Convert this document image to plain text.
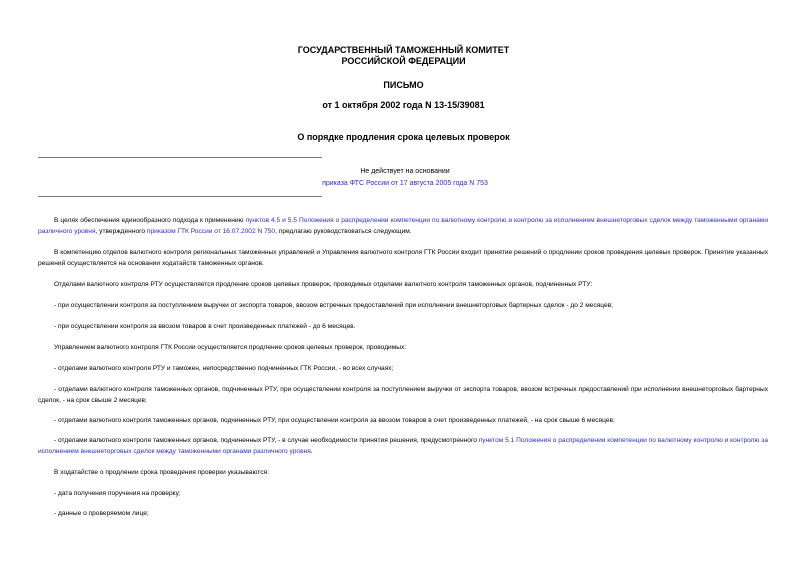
ГОСУДАРСТВЕННЫЙ ТАМОЖЕННЫЙ КОМИТЕТ
РОССИЙСКОЙ ФЕДЕРАЦИИ
ПИСЬМО
от 1 октября 2002 года N 13-15/39081
О порядке продления срока целевых проверок
Не действует на основании
приказа ФТС России от 17 августа 2005 года N 753
В целях обеспечения единообразного подхода к применению пунктов 4.5 и 5.5 Положения о распределении компетенции по валютному контролю и контролю за исполнением внешнеторговых сделок между таможенными органами различного уровня, утвержденного приказом ГТК России от 16.07.2002 N 750, предлагаю руководствоваться следующим.
В компетенцию отделов валютного контроля региональных таможенных управлений и Управления валютного контроля ГТК России входит принятие решений о продлении сроков проведения целевых проверок. Принятие указанных решений осуществляется на основании ходатайств таможенных органов.
Отделами валютного контроля РТУ осуществляется продление сроков целевых проверок, проводимых отделами валютного контроля таможенных органов, подчиненных РТУ:
- при осуществлении контроля за поступлением выручки от экспорта товаров, ввозом встречных предоставлений при исполнении внешнеторговых бартерных сделок - до 2 месяцев;
- при осуществлении контроля за ввозом товаров в счет произведенных платежей - до 6 месяцев.
Управлением валютного контроля ГТК России осуществляется продление сроков целевых проверок, проводимых:
- отделами валютного контроля РТУ и таможен, непосредственно подчиненных ГТК России, - во всех случаях;
- отделами валютного контроля таможенных органов, подчиненных РТУ, при осуществлении контроля за поступлением выручки от экспорта товаров, ввозом встречных предоставлений при исполнении внешнеторговых бартерных сделок, - на срок свыше 2 месяцев;
- отделами валютного контроля таможенных органов, подчиненных РТУ, при осуществлении контроля за ввозом товаров в счет произведенных платежей, - на срок свыше 6 месяцев;
- отделами валютного контроля таможенных органов, подчиненных РТУ, - в случае необходимости принятия решения, предусмотренного пунктом 5.1 Положения о распределении компетенции по валютному контролю и контролю за исполнением внешнеторговых сделок между таможенными органами различного уровня.
В ходатайстве о продлении срока проведения проверки указываются:
- дата получения поручения на проверку;
- данные о проверяемом лице;
